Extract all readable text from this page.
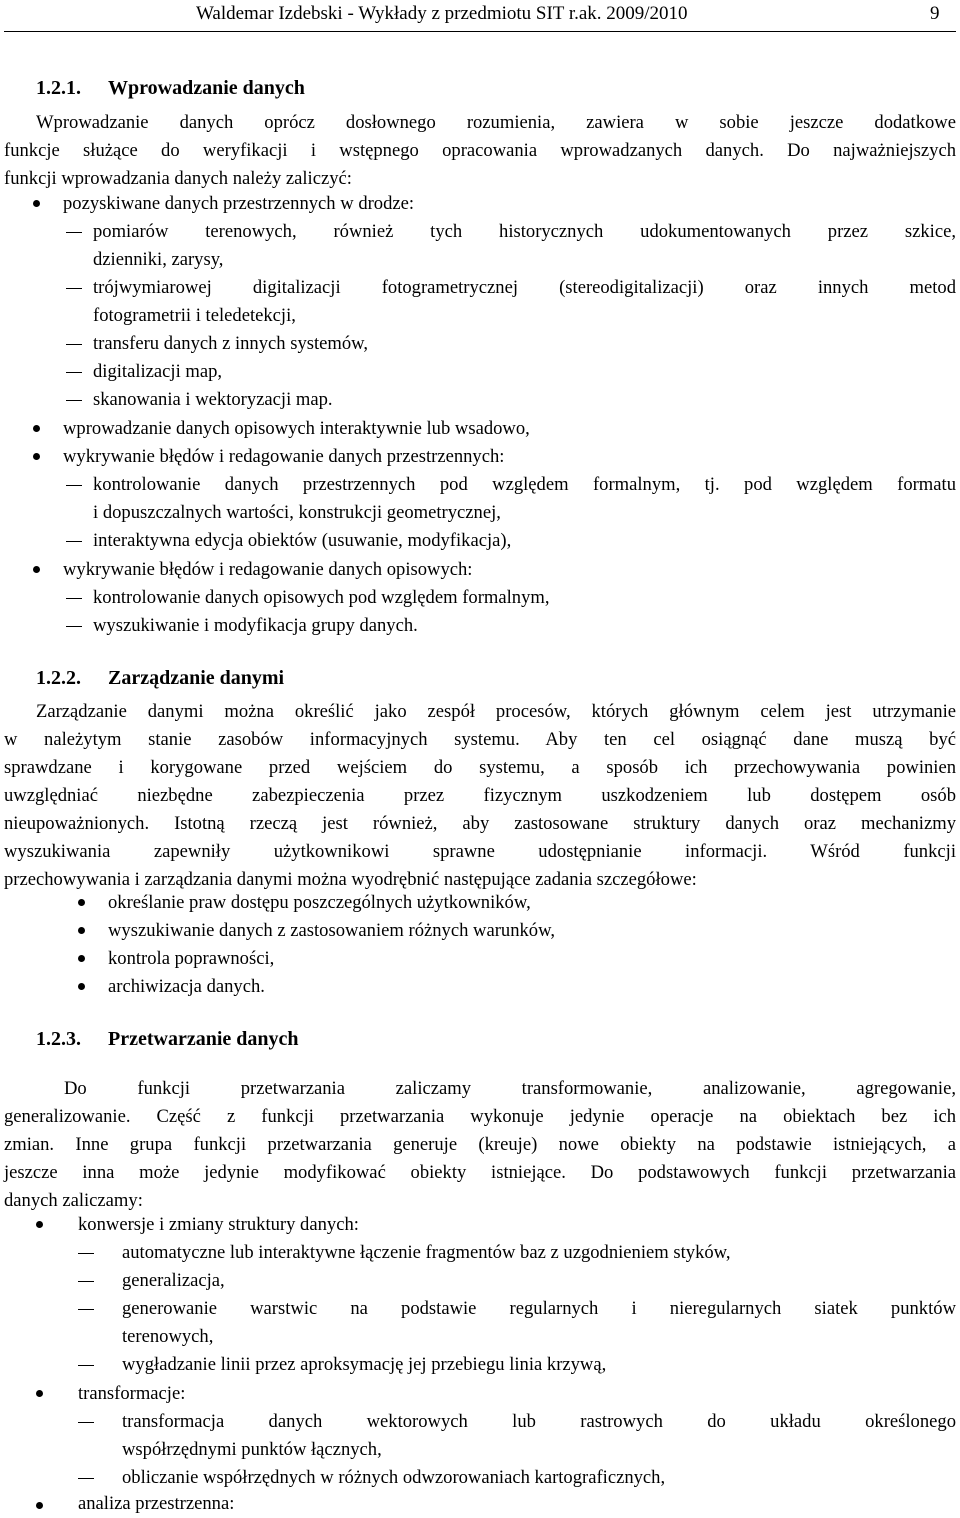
Waldemar Izdebski - Wykłady z przedmiotu SIT r.ak. 2009/2010	9
1.2.1. Wprowadzanie danych
Wprowadzanie danych oprócz dosłownego rozumienia, zawiera w sobie jeszcze dodatkowe
funkcje służące do weryfikacji i wstępnego opracowania wprowadzanych danych. Do najważniejszych
funkcji wprowadzania danych należy zaliczyć:
pozyskiwane danych przestrzennych w drodze:
pomiarów terenowych, również tych historycznych udokumentowanych przez szkice,
dzienniki, zarysy,
trójwymiarowej digitalizacji fotogrametrycznej (stereodigitalizacji) oraz innych metod
fotogrametrii i teledetekcji,
transferu danych z innych systemów,
digitalizacji map,
skanowania i wektoryzacji map.
wprowadzanie danych opisowych interaktywnie lub wsadowo,
wykrywanie błędów i redagowanie danych przestrzennych:
kontrolowanie danych przestrzennych pod względem formalnym, tj. pod względem formatu
i dopuszczalnych wartości, konstrukcji geometrycznej,
interaktywna edycja obiektów (usuwanie, modyfikacja),
wykrywanie błędów i redagowanie danych opisowych:
kontrolowanie danych opisowych pod względem formalnym,
wyszukiwanie i modyfikacja grupy danych.
1.2.2. Zarządzanie danymi
Zarządzanie danymi można określić jako zespół procesów, których głównym celem jest utrzymanie
w należytym stanie zasobów informacyjnych systemu. Aby ten cel osiągnąć dane muszą być
sprawdzane i korygowane przed wejściem do systemu, a sposób ich przechowywania powinien
uwzględniać niezbędne zabezpieczenia przez fizycznym uszkodzeniem lub dostępem osób
nieupoważnionych. Istotną rzeczą jest również, aby zastosowane struktury danych oraz mechanizmy
wyszukiwania zapewniły użytkownikowi sprawne udostępnianie informacji. Wśród funkcji
przechowywania i zarządzania danymi można wyodrębnić następujące zadania szczegółowe:
określanie praw dostępu poszczególnych użytkowników,
wyszukiwanie danych z zastosowaniem różnych warunków,
kontrola poprawności,
archiwizacja danych.
1.2.3. Przetwarzanie danych
Do funkcji przetwarzania zaliczamy transformowanie, analizowanie, agregowanie,
generalizowanie. Część z funkcji przetwarzania wykonuje jedynie operacje na obiektach bez ich
zmian. Inne grupa funkcji przetwarzania generuje (kreuje) nowe obiekty na podstawie istniejących, a
jeszcze inna może jedynie modyfikować obiekty istniejące. Do podstawowych funkcji przetwarzania
danych zaliczamy:
konwersje i zmiany struktury danych:
automatyczne lub interaktywne łączenie fragmentów baz z uzgodnieniem styków,
generalizacja,
generowanie warstwic na podstawie regularnych i nieregularnych siatek punktów
terenowych,
wygładzanie linii przez aproksymację jej przebiegu linia krzywą,
transformacje:
transformacja danych wektorowych lub rastrowych do układu określonego
współrzędnymi punktów łącznych,
obliczanie współrzędnych w różnych odwzorowaniach kartograficznych,
analiza przestrzenna:
